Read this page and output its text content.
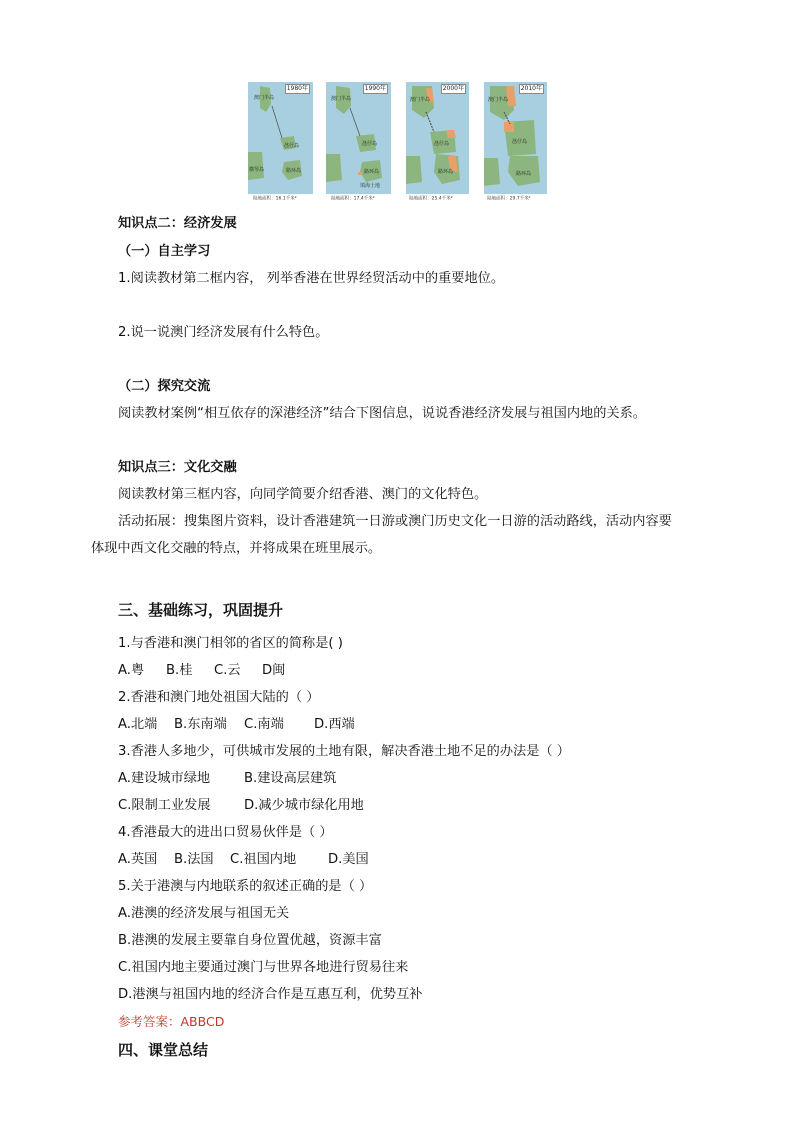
1980年
陆地面积：16.1千米²
澳门半岛
氹仔岛
路环岛
横琴岛
1990年
陆地面积：17.4千米²
澳门半岛
氹仔岛
路环岛
填海土地
2000年
陆地面积：25.4千米²
澳门半岛
氹仔岛
路环岛
2010年
陆地面积：29.7千米²
澳门半岛
氹仔岛
路环岛
知识点二：经济发展
（一）自主学习
1.阅读教材第二框内容， 列举香港在世界经贸活动中的重要地位。
2.说一说澳门经济发展有什么特色。
（二）探究交流
阅读教材案例“相互依存的深港经济”结合下图信息，说说香港经济发展与祖国内地的关系。
知识点三：文化交融
阅读教材第三框内容，向同学简要介绍香港、澳门的文化特色。
活动拓展：搜集图片资料，设计香港建筑一日游或澳门历史文化一日游的活动路线，活动内容要
体现中西文化交融的特点，并将成果在班里展示。
三、基础练习，巩固提升
1.与香港和澳门相邻的省区的简称是( )
A.粤 B.桂 C.云 D闽
2.香港和澳门地处祖国大陆的（ ）
A.北端 B.东南端 C.南端 D.西端
3.香港人多地少，可供城市发展的土地有限，解决香港土地不足的办法是（ ）
A.建设城市绿地	B.建设高层建筑
C.限制工业发展	D.减少城市绿化用地
4.香港最大的进出口贸易伙伴是（ ）
A.英国 B.法国 C.祖国内地 D.美国
5.关于港澳与内地联系的叙述正确的是（ ）
A.港澳的经济发展与祖国无关
B.港澳的发展主要靠自身位置优越，资源丰富
C.祖国内地主要通过澳门与世界各地进行贸易往来
D.港澳与祖国内地的经济合作是互惠互利，优势互补
参考答案：ABBCD
四、课堂总结
